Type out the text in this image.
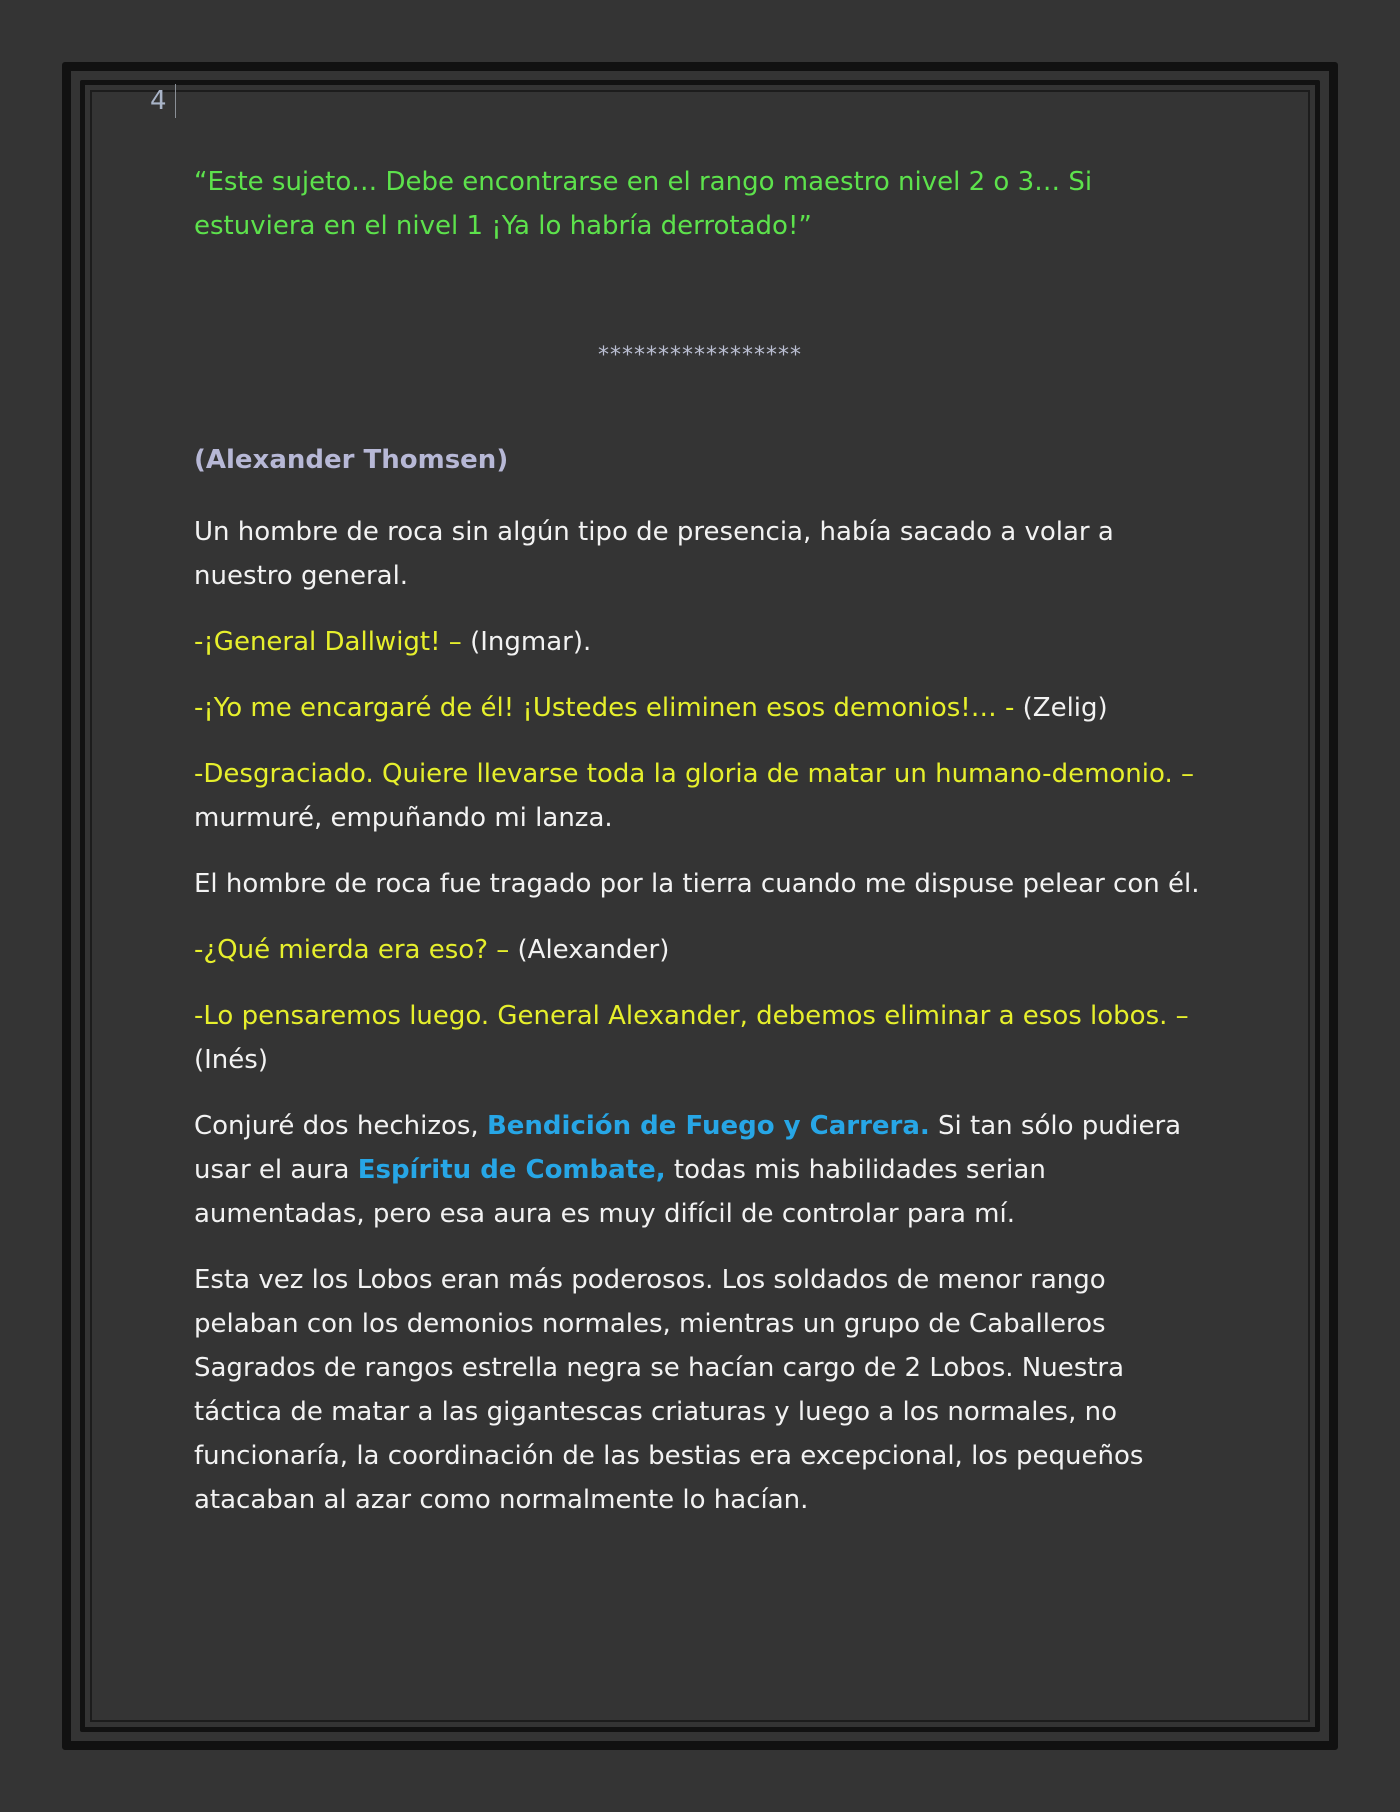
4

“Este sujeto… Debe encontrarse en el rango maestro nivel 2 o 3… Si estuviera en el nivel 1 ¡Ya lo habría derrotado!”

*****************

(Alexander Thomsen)

Un hombre de roca sin algún tipo de presencia, había sacado a volar a nuestro general.

-¡General Dallwigt! – (Ingmar).

-¡Yo me encargaré de él! ¡Ustedes eliminen esos demonios!… - (Zelig)

-Desgraciado. Quiere llevarse toda la gloria de matar un humano-demonio. – murmuré, empuñando mi lanza.

El hombre de roca fue tragado por la tierra cuando me dispuse pelear con él.

-¿Qué mierda era eso? – (Alexander)

-Lo pensaremos luego. General Alexander, debemos eliminar a esos lobos. – (Inés)

Conjuré dos hechizos, Bendición de Fuego y Carrera. Si tan sólo pudiera usar el aura Espíritu de Combate, todas mis habilidades serian aumentadas, pero esa aura es muy difícil de controlar para mí.

Esta vez los Lobos eran más poderosos. Los soldados de menor rango pelaban con los demonios normales, mientras un grupo de Caballeros Sagrados de rangos estrella negra se hacían cargo de 2 Lobos. Nuestra táctica de matar a las gigantescas criaturas y luego a los normales, no funcionaría, la coordinación de las bestias era excepcional, los pequeños atacaban al azar como normalmente lo hacían.
